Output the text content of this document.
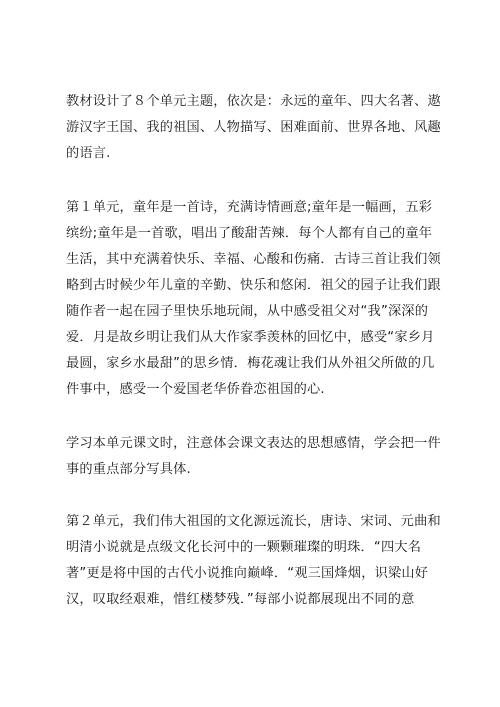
教材设计了８个单元主题，依次是：永远的童年、四大名著、遨
游汉字王国、我的祖国、人物描写、困难面前、世界各地、风趣
的语言.

第１单元，童年是一首诗，充满诗情画意;童年是一幅画，五彩
缤纷;童年是一首歌，唱出了酸甜苦辣．每个人都有自己的童年
生活，其中充满着快乐、幸福、心酸和伤痛．古诗三首让我们领
略到古时候少年儿童的辛勤、快乐和悠闲．祖父的园子让我们跟
随作者一起在园子里快乐地玩闹，从中感受祖父对“我”深深的
爱．月是故乡明让我们从大作家季羡林的回忆中，感受“家乡月
最圆，家乡水最甜”的思乡情．梅花魂让我们从外祖父所做的几
件事中，感受一个爱国老华侨眷恋祖国的心.

学习本单元课文时，注意体会课文表达的思想感情，学会把一件
事的重点部分写具体.

第２单元，我们伟大祖国的文化源远流长，唐诗、宋词、元曲和
明清小说就是点级文化长河中的一颗颗璀璨的明珠．“四大名
著”更是将中国的古代小说推向巅峰．“观三国烽烟，识梁山好
汉，叹取经艰难，惜红楼梦残．”每部小说都展现出不同的意
